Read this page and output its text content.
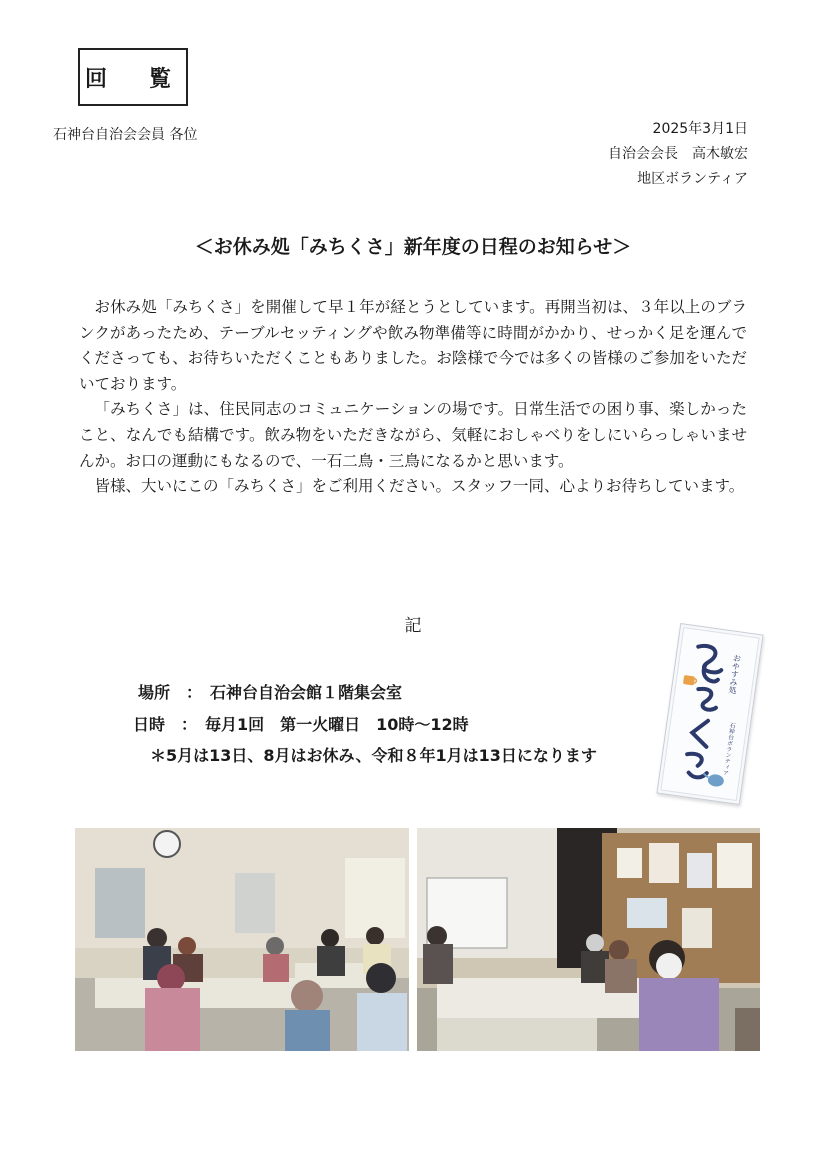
回　覧
石神台自治会会員 各位	2025年3月1日
自治会会長　高木敏宏
地区ボランティア
＜お休み処「みちくさ」新年度の日程のお知らせ＞

お休み処「みちくさ」を開催して早１年が経とうとしています。再開当初は、３年以上のブランクがあったため、テーブルセッティングや飲み物準備等に時間がかかり、せっかく足を運んでくださっても、お待ちいただくこともありました。お陰様で今では多くの皆様のご参加をいただいております。

「みちくさ」は、住民同志のコミュニケーションの場です。日常生活での困り事、楽しかったこと、なんでも結構です。飲み物をいただきながら、気軽におしゃべりをしにいらっしゃいませんか。お口の運動にもなるので、一石二鳥・三鳥になるかと思います。

皆様、大いにこの「みちくさ」をご利用ください。スタッフ一同、心よりお待ちしています。

記
場所　：　石神台自治会館１階集会室
日時　：　毎月1回　第一火曜日　10時～12時
＊5月は13日、8月はお休み、令和８年1月は13日になります
おやすみ処
石神台ボランティア
